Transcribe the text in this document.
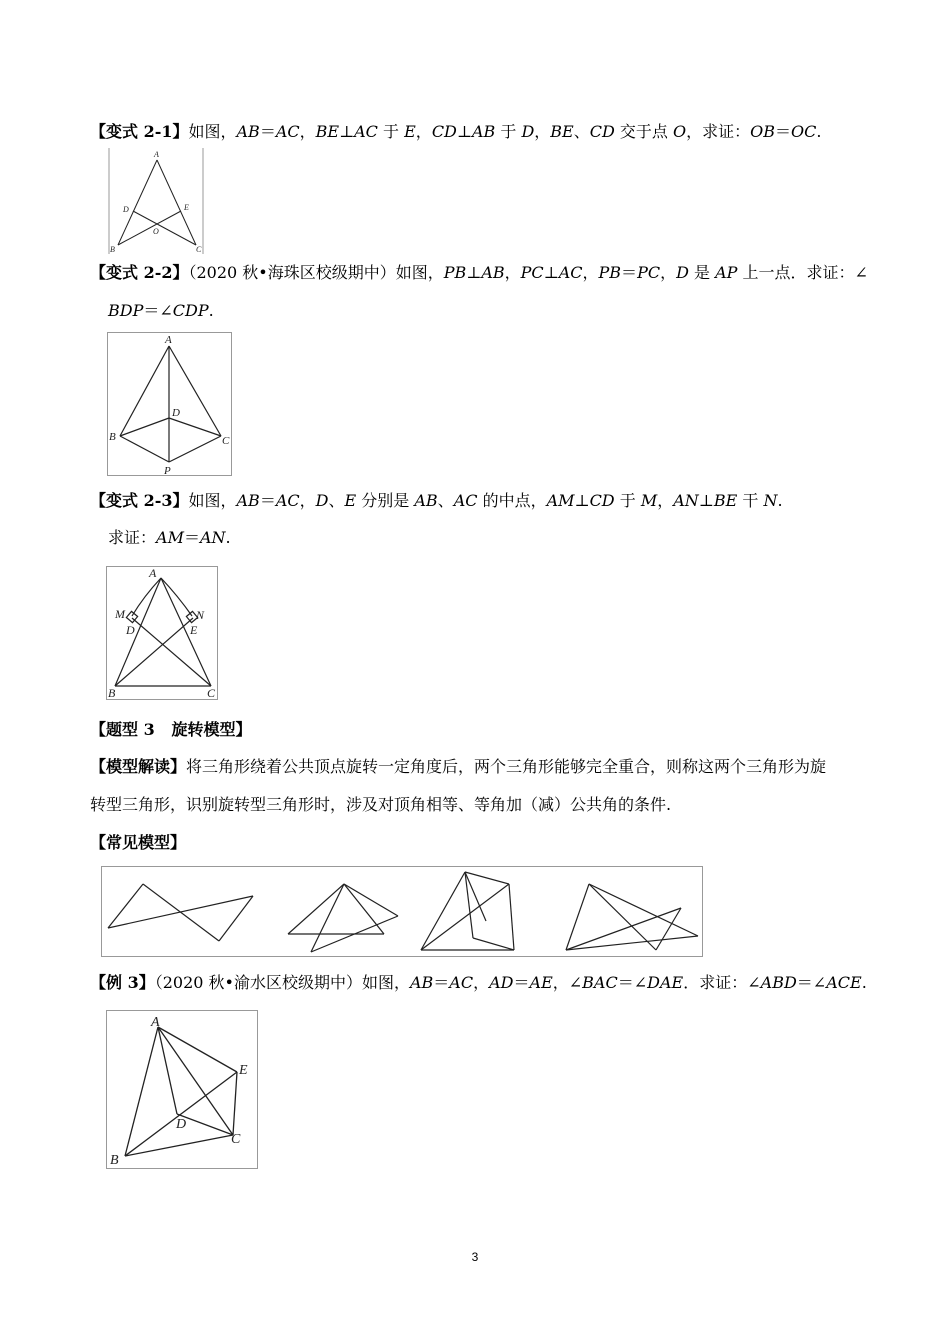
【变式 2-1】如图，AB＝AC，BE⊥AC 于 E，CD⊥AB 于 D，BE、CD 交于点 O，求证：OB＝OC.
A
B	C
D	E
O
【变式 2-2】（2020 秋•海珠区校级期中）如图，PB⊥AB，PC⊥AC，PB＝PC，D 是 AP 上一点．求证：∠
BDP＝∠CDP.
A
B	C
D
P
【变式 2-3】如图，AB＝AC，D、E 分别是 AB、AC 的中点，AM⊥CD 于 M，AN⊥BE 干 N.
求证：AM＝AN.
A
B	C
D	E
M	N
【题型 3 旋转模型】
【模型解读】将三角形绕着公共顶点旋转一定角度后，两个三角形能够完全重合，则称这两个三角形为旋
转型三角形，识别旋转型三角形时，涉及对顶角相等、等角加（减）公共角的条件.
【常见模型】
【例 3】（2020 秋•渝水区校级期中）如图，AB＝AC，AD＝AE，∠BAC＝∠DAE．求证：∠ABD＝∠ACE.
A
B
C
D
E
3
